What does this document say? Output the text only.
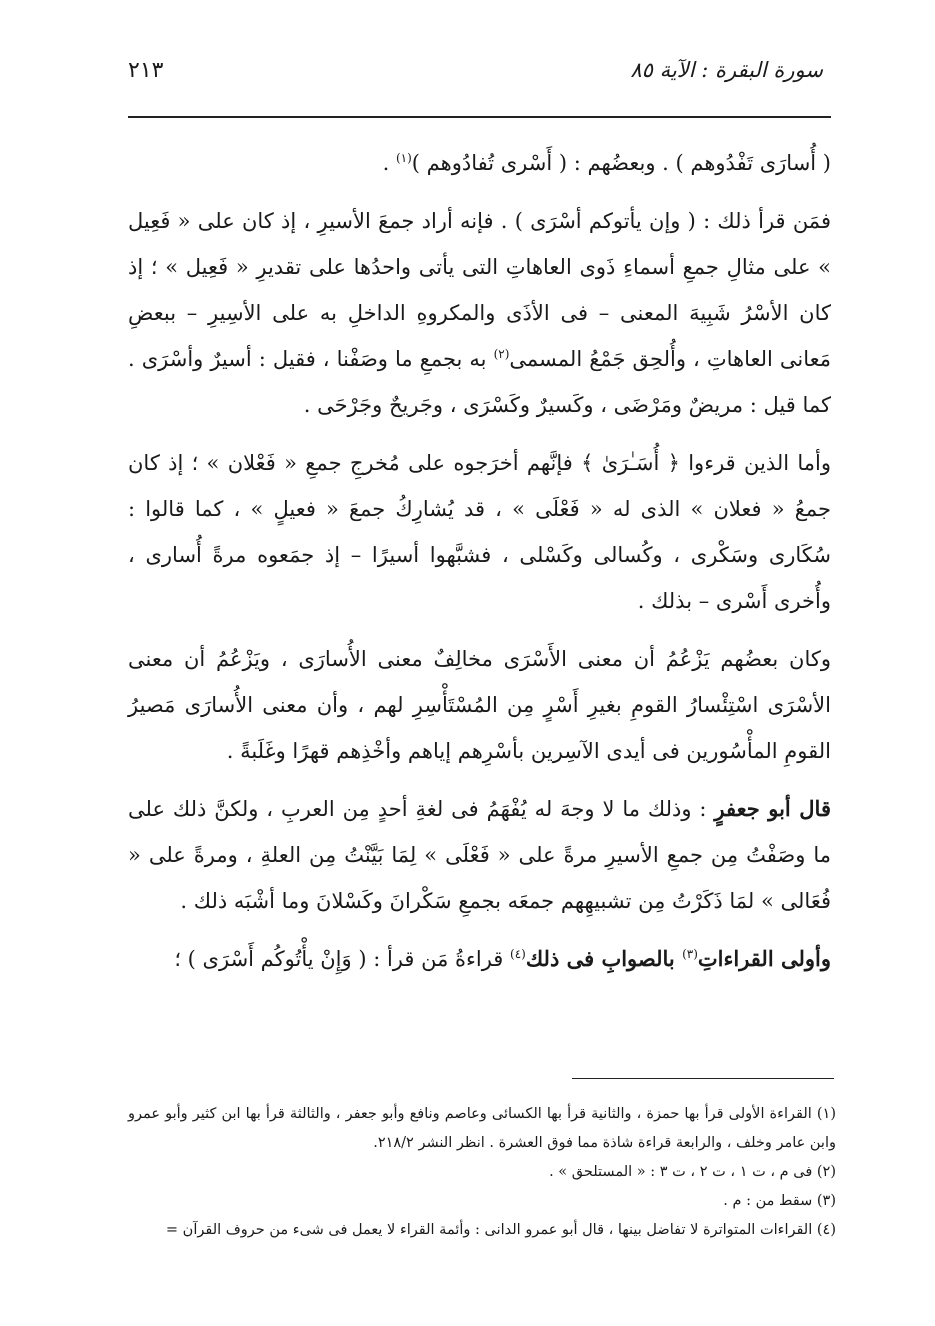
سورة البقرة : الآية ٨٥
٢١٣

( أُسارَى تَفْدُوهم ) . وبعضُهم : ( أَسْرى تُفادُوهم )$^{(١)}$ .

فمَن قرأ ذلك : ( وإن يأتوكم أسْرَى ) . فإنه أراد جمعَ الأسيرِ ، إذ كان على « فَعِيل » على مثالِ جمعِ أسماءِ ذَوى العاهاتِ التى يأتى واحدُها على تقديرِ « فَعِيل » ؛ إذ كان الأسْرُ شَبِيهَ المعنى – فى الأذَى والمكروهِ الداخلِ به على الأسِيرِ – ببعضِ مَعانى العاهاتِ ، وأُلحِق جَمْعُ المسمى$^{(٢)}$ به بجمعِ ما وصَفْنا ، فقيل : أسيرٌ وأسْرَى . كما قيل : مريضٌ ومَرْضَى ، وكَسيرٌ وكَسْرَى ، وجَريحٌ وجَرْحَى .

وأما الذين قرءوا ﴿ أُسَـٰرَىٰ ﴾ فإنَّهم أخرَجوه على مُخرجِ جمعِ « فَعْلان » ؛ إذ كان جمعُ « فعلان » الذى له « فَعْلَى » ، قد يُشارِكُ جمعَ « فعيلٍ » ، كما قالوا : سُكَارى وسَكْرى ، وكُسالى وكَسْلى ، فشبَّهوا أسيرًا – إذ جمَعوه مرةً أُسارى ، وأُخرى أَسْرى – بذلك .

وكان بعضُهم يَزْعُمُ أن معنى الأَسْرَى مخالِفٌ معنى الأُسارَى ، ويَزْعُمُ أن معنى الأسْرَى اسْتِئْسارُ القومِ بغيرِ أَسْرٍ مِن المُسْتَأْسِرِ لهم ، وأن معنى الأُسارَى مَصيرُ القومِ المأْسُورين فى أيدى الآسِرين بأسْرِهم إياهم وأخْذِهم قهرًا وغَلَبةً .

قال أبو جعفرٍ : وذلك ما لا وجهَ له يُفْهَمُ فى لغةِ أحدٍ مِن العربِ ، ولكنَّ ذلك على ما وصَفْتُ مِن جمعِ الأسيرِ مرةً على « فَعْلَى » لِمَا بَيَّنْتُ مِن العلةِ ، ومرةً على « فُعَالى » لمَا ذَكَرْتُ مِن تشبيهِهم جمعَه بجمعِ سَكْرانَ وكَسْلانَ وما أشْبَه ذلك .

وأولى القراءاتِ$^{(٣)}$ بالصوابِ فى ذلك$^{(٤)}$ قراءةُ مَن قرأ : ( وَإِنْ يأْتُوكُم أَسْرَى ) ؛

(١) القراءة الأولى قرأ بها حمزة ، والثانية قرأ بها الكسائى وعاصم ونافع وأبو جعفر ، والثالثة قرأ بها ابن كثير وأبو عمرو وابن عامر وخلف ، والرابعة قراءة شاذة مما فوق العشرة . انظر النشر ٢١٨/٢.

(٢) فى م ، ت ١ ، ت ٢ ، ت ٣ : « المستلحق » .

(٣) سقط من : م .

(٤) القراءات المتواترة لا تفاضل بينها ، قال أبو عمرو الدانى : وأئمة القراء لا يعمل فى شىء من حروف القرآن =
